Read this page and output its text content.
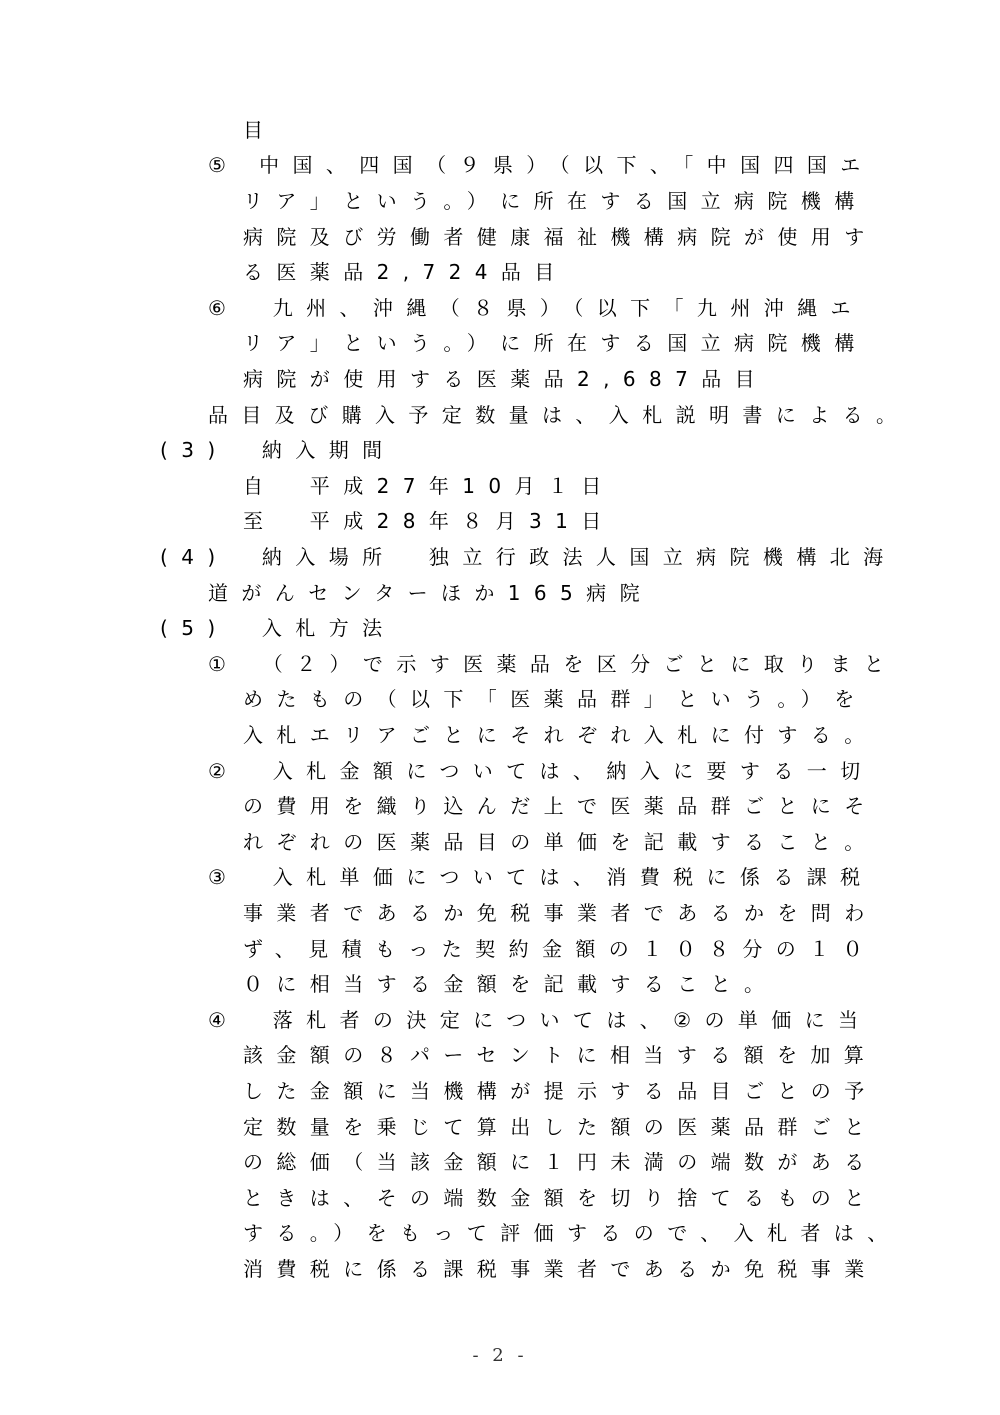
目
⑤ 中国、四国（９県）（以下、「中国四国エ
リア」という。）に所在する国立病院機構
病院及び労働者健康福祉機構病院が使用す
る医薬品2,724品目
⑥　九州、沖縄（８県）（以下「九州沖縄エ
リア」という。）に所在する国立病院機構
病院が使用する医薬品2,687品目
品目及び購入予定数量は、入札説明書による。
(3)　納入期間
自　平成27年10月１日
至　平成28年８月31日
(4)　納入場所　独立行政法人国立病院機構北海
道がんセンターほか165病院
(5)　入札方法
①　（２）で示す医薬品を区分ごとに取りまと
めたもの（以下「医薬品群」という。）を
入札エリアごとにそれぞれ入札に付する。
②　入札金額については、納入に要する一切
の費用を織り込んだ上で医薬品群ごとにそ
れぞれの医薬品目の単価を記載すること。
③　入札単価については、消費税に係る課税
事業者であるか免税事業者であるかを問わ
ず、見積もった契約金額の１０８分の１０
０に相当する金額を記載すること。
④　落札者の決定については、②の単価に当
該金額の８パーセントに相当する額を加算
した金額に当機構が提示する品目ごとの予
定数量を乗じて算出した額の医薬品群ごと
の総価（当該金額に１円未満の端数がある
ときは、その端数金額を切り捨てるものと
する。）をもって評価するので、入札者は、
消費税に係る課税事業者であるか免税事業
- 2 -
